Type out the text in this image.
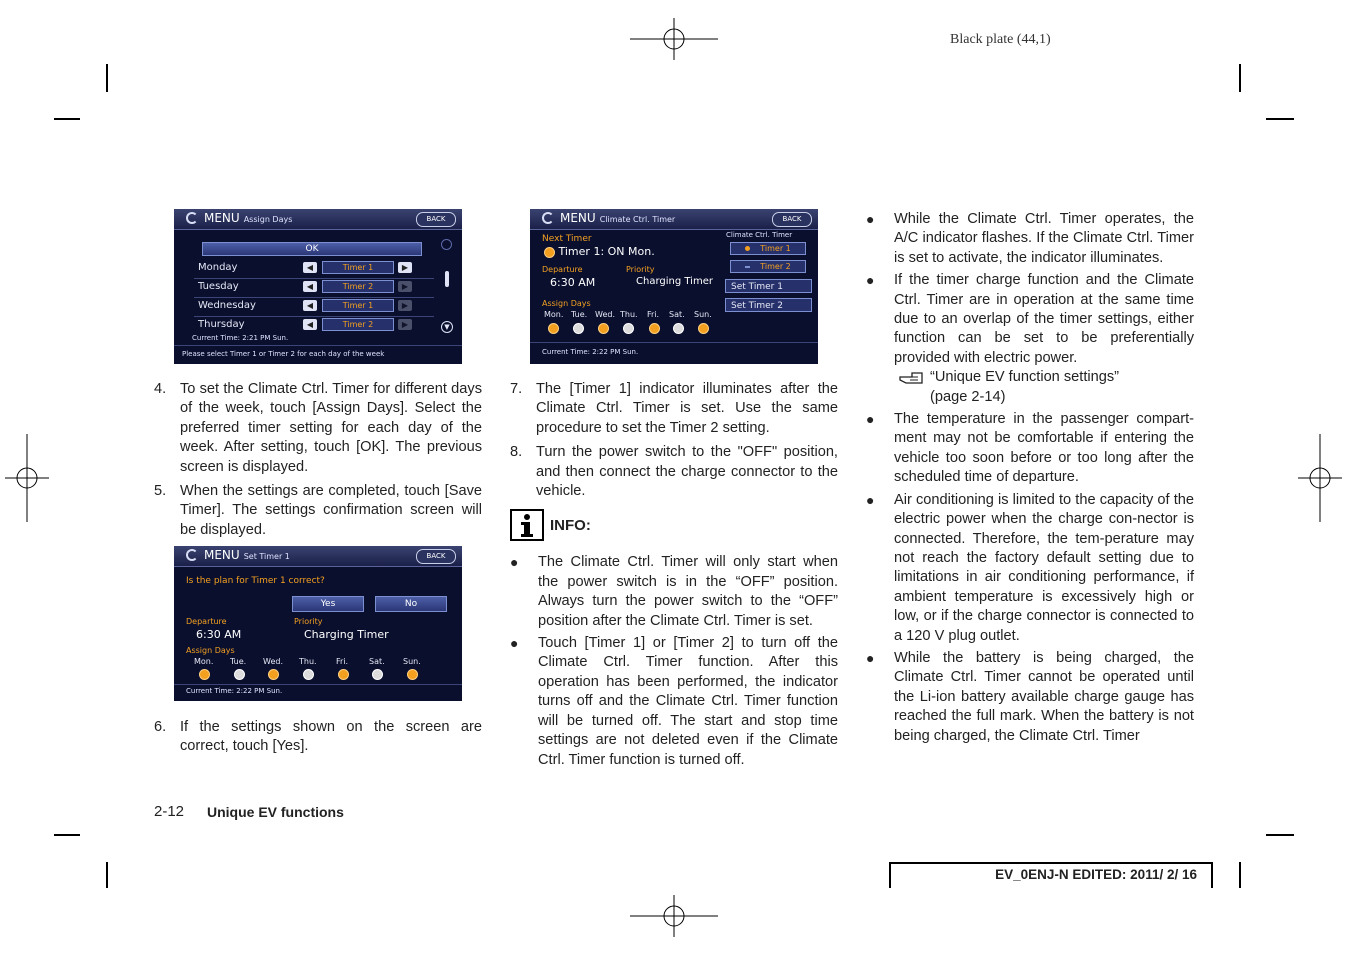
Black plate (44,1)
MENU Assign Days	BACK
OK
Monday	◀	Timer 1	▶
Tuesday	◀	Timer 2	▶
Wednesday	◀	Timer 1	▶
Thursday	◀	Timer 2	▶	▼
Current Time: 2:21 PM Sun.
Please select Timer 1 or Timer 2 for each day of the week
MENU Climate Ctrl. Timer	BACK
Next Timer
Timer 1: ON Mon.
Departure
6:30 AM
Priority
Charging Timer
Assign Days
Mon. Tue. Wed. Thu. Fri. Sat. Sun.
Current Time: 2:22 PM Sun.
Climate Ctrl. Timer
Timer 1
Timer 2
Set Timer 1
Set Timer 2
MENU Set Timer 1	BACK
Is the plan for Timer 1 correct?
Yes	No
Departure
6:30 AM
Priority
Charging Timer
Assign Days
Mon. Tue. Wed. Thu. Fri.	Sat. Sun.
Current Time: 2:22 PM Sun.
4. To set the Climate Ctrl. Timer for different days of the week, touch [Assign Days]. Select the preferred timer setting for each day of the week. After setting, touch [OK]. The previous screen is displayed.
5. When the settings are completed, touch [Save Timer]. The settings confirmation screen will be displayed.
6. If the settings shown on the screen are correct, touch [Yes].
7. The [Timer 1] indicator illuminates after the Climate Ctrl. Timer is set. Use the same procedure to set the Timer 2 setting.
8. Turn the power switch to the "OFF" position, and then connect the charge connector to the vehicle.
INFO:
● The Climate Ctrl. Timer will only start when the power switch is in the “OFF” position. Always turn the power switch to the “OFF” position after the Climate Ctrl. Timer is set.
● Touch [Timer 1] or [Timer 2] to turn off the Climate Ctrl. Timer function. After this operation has been performed, the indicator turns off and the Climate Ctrl. Timer function will be turned off. The start and stop time settings are not deleted even if the Climate Ctrl. Timer function is turned off.
● While the Climate Ctrl. Timer operates, the A/C indicator flashes. If the Climate Ctrl. Timer is set to activate, the indicator illuminates.
● If the timer charge function and the Climate Ctrl. Timer are in operation at the same time due to an overlap of the timer settings, either function can be set to be preferentially provided with electric power.
“Unique EV function settings”
(page 2-14)
● The temperature in the passenger compart-ment may not be comfortable if entering the vehicle too soon before or too long after the scheduled time of departure.
● Air conditioning is limited to the capacity of the electric power when the charge con-nector is connected. Therefore, the tem-perature may not reach the factory default setting due to limitations in air conditioning performance, if ambient temperature is excessively high or low, or if the charge connector is connected to a 120 V plug outlet.
● While the battery is being charged, the Climate Ctrl. Timer cannot be operated until the Li-ion battery available charge gauge has reached the full mark. When the battery is not being charged, the Climate Ctrl. Timer
2-12 Unique EV functions
EV_0ENJ-N EDITED: 2011/ 2/ 16
